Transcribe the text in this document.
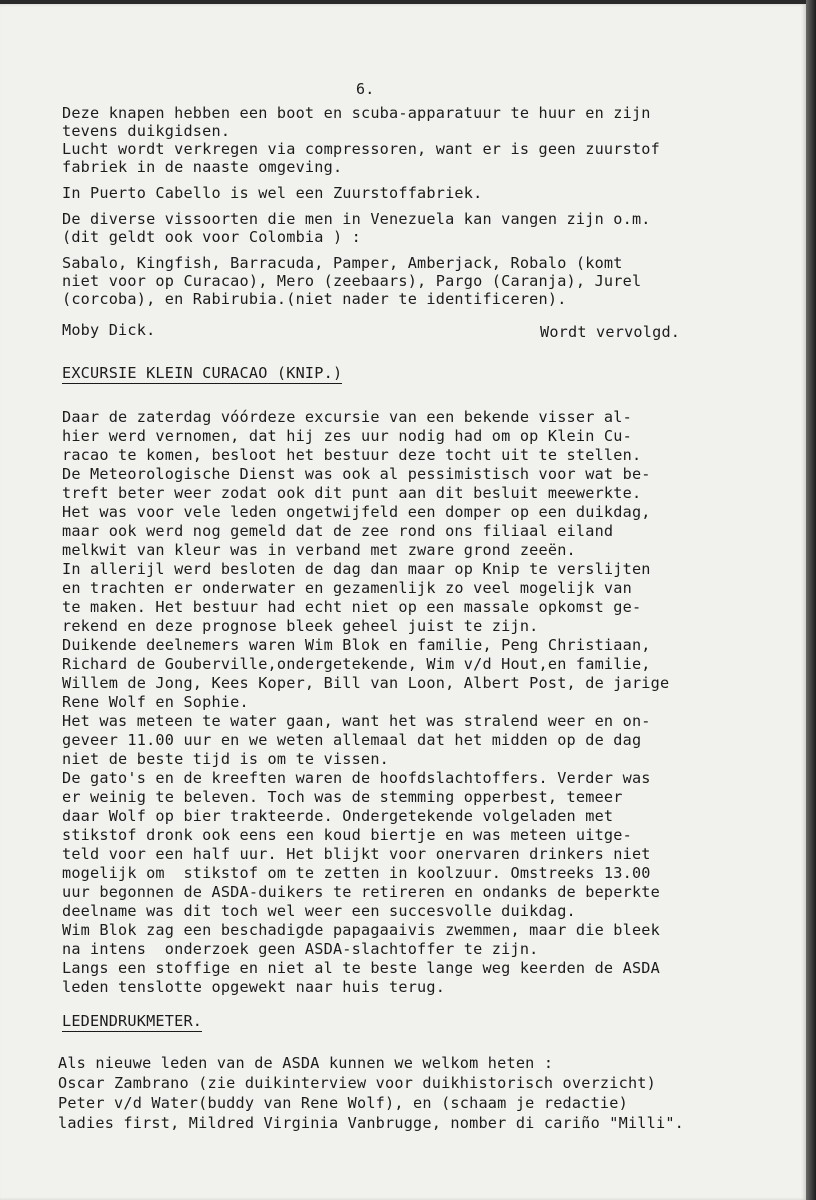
6.
Deze knapen hebben een boot en scuba-apparatuur te huur en zijn
tevens duikgidsen.
Lucht wordt verkregen via compressoren, want er is geen zuurstof
fabriek in de naaste omgeving.
In Puerto Cabello is wel een Zuurstoffabriek.
De diverse vissoorten die men in Venezuela kan vangen zijn o.m.
(dit geldt ook voor Colombia ) :
Sabalo, Kingfish, Barracuda, Pamper, Amberjack, Robalo (komt
niet voor op Curacao), Mero (zeebaars), Pargo (Caranja), Jurel
(corcoba), en Rabirubia.(niet nader te identificeren).
Moby Dick.	Wordt vervolgd.
EXCURSIE KLEIN CURACAO (KNIP.)
Daar de zaterdag vóórdeze excursie van een bekende visser al-
hier werd vernomen, dat hij zes uur nodig had om op Klein Cu-
racao te komen, besloot het bestuur deze tocht uit te stellen.
De Meteorologische Dienst was ook al pessimistisch voor wat be-
treft beter weer zodat ook dit punt aan dit besluit meewerkte.
Het was voor vele leden ongetwijfeld een domper op een duikdag,
maar ook werd nog gemeld dat de zee rond ons filiaal eiland
melkwit van kleur was in verband met zware grond zeeën.
In allerijl werd besloten de dag dan maar op Knip te verslijten
en trachten er onderwater en gezamenlijk zo veel mogelijk van
te maken. Het bestuur had echt niet op een massale opkomst ge-
rekend en deze prognose bleek geheel juist te zijn.
Duikende deelnemers waren Wim Blok en familie, Peng Christiaan,
Richard de Gouberville,ondergetekende, Wim v/d Hout,en familie,
Willem de Jong, Kees Koper, Bill van Loon, Albert Post, de jarige
Rene Wolf en Sophie.
Het was meteen te water gaan, want het was stralend weer en on-
geveer 11.00 uur en we weten allemaal dat het midden op de dag
niet de beste tijd is om te vissen.
De gato's en de kreeften waren de hoofdslachtoffers. Verder was
er weinig te beleven. Toch was de stemming opperbest, temeer
daar Wolf op bier trakteerde. Ondergetekende volgeladen met
stikstof dronk ook eens een koud biertje en was meteen uitge-
teld voor een half uur. Het blijkt voor onervaren drinkers niet
mogelijk om  stikstof om te zetten in koolzuur. Omstreeks 13.00
uur begonnen de ASDA-duikers te retireren en ondanks de beperkte
deelname was dit toch wel weer een succesvolle duikdag.
Wim Blok zag een beschadigde papagaaivis zwemmen, maar die bleek
na intens  onderzoek geen ASDA-slachtoffer te zijn.
Langs een stoffige en niet al te beste lange weg keerden de ASDA
leden tenslotte opgewekt naar huis terug.
LEDENDRUKMETER.
Als nieuwe leden van de ASDA kunnen we welkom heten :
Oscar Zambrano (zie duikinterview voor duikhistorisch overzicht)
Peter v/d Water(buddy van Rene Wolf), en (schaam je redactie)
ladies first, Mildred Virginia Vanbrugge, nomber di cariño "Milli".
